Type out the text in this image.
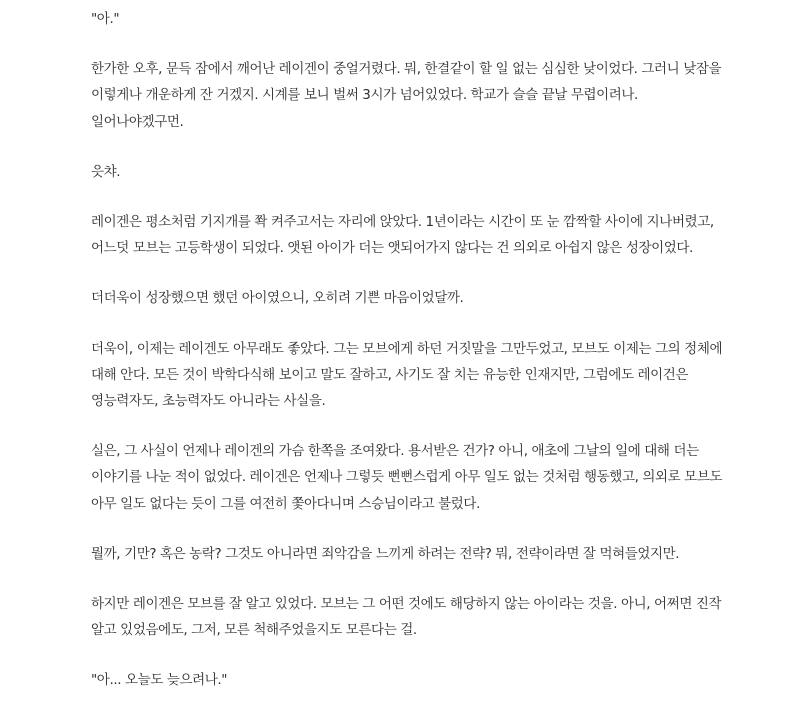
"아."

한가한 오후, 문득 잠에서 깨어난 레이겐이 중얼거렸다. 뭐, 한결같이 할 일 없는 심심한 낮이었다. 그러니 낮잠을 이렇게나 개운하게 잔 거겠지. 시계를 보니 벌써 3시가 넘어있었다. 학교가 슬슬 끝날 무렵이려나. 일어나야겠구먼.

읏챠.

레이겐은 평소처럼 기지개를 쫙 켜주고서는 자리에 앉았다. 1년이라는 시간이 또 눈 깜짝할 사이에 지나버렸고, 어느덧 모브는 고등학생이 되었다. 앳된 아이가 더는 앳되어가지 않다는 건 의외로 아쉽지 않은 성장이었다.

더더욱이 성장했으면 했던 아이였으니, 오히려 기쁜 마음이었달까.

더욱이, 이제는 레이겐도 아무래도 좋았다. 그는 모브에게 하던 거짓말을 그만두었고, 모브도 이제는 그의 정체에 대해 안다. 모든 것이 박학다식해 보이고 말도 잘하고, 사기도 잘 치는 유능한 인재지만, 그럼에도 레이건은 영능력자도, 초능력자도 아니라는 사실을.

실은, 그 사실이 언제나 레이겐의 가슴 한쪽을 조여왔다. 용서받은 건가? 아니, 애초에 그날의 일에 대해 더는 이야기를 나눈 적이 없었다. 레이겐은 언제나 그렇듯 뻔뻔스럽게 아무 일도 없는 것처럼 행동했고, 의외로 모브도 아무 일도 없다는 듯이 그를 여전히 쫓아다니며 스승님이라고 불렀다.

뭘까, 기만? 혹은 농락? 그것도 아니라면 죄악감을 느끼게 하려는 전략? 뭐, 전략이라면 잘 먹혀들었지만.

하지만 레이겐은 모브를 잘 알고 있었다. 모브는 그 어떤 것에도 해당하지 않는 아이라는 것을. 아니, 어쩌면 진작 알고 있었음에도, 그저, 모른 척해주었을지도 모른다는 걸.

"아... 오늘도 늦으려나."
